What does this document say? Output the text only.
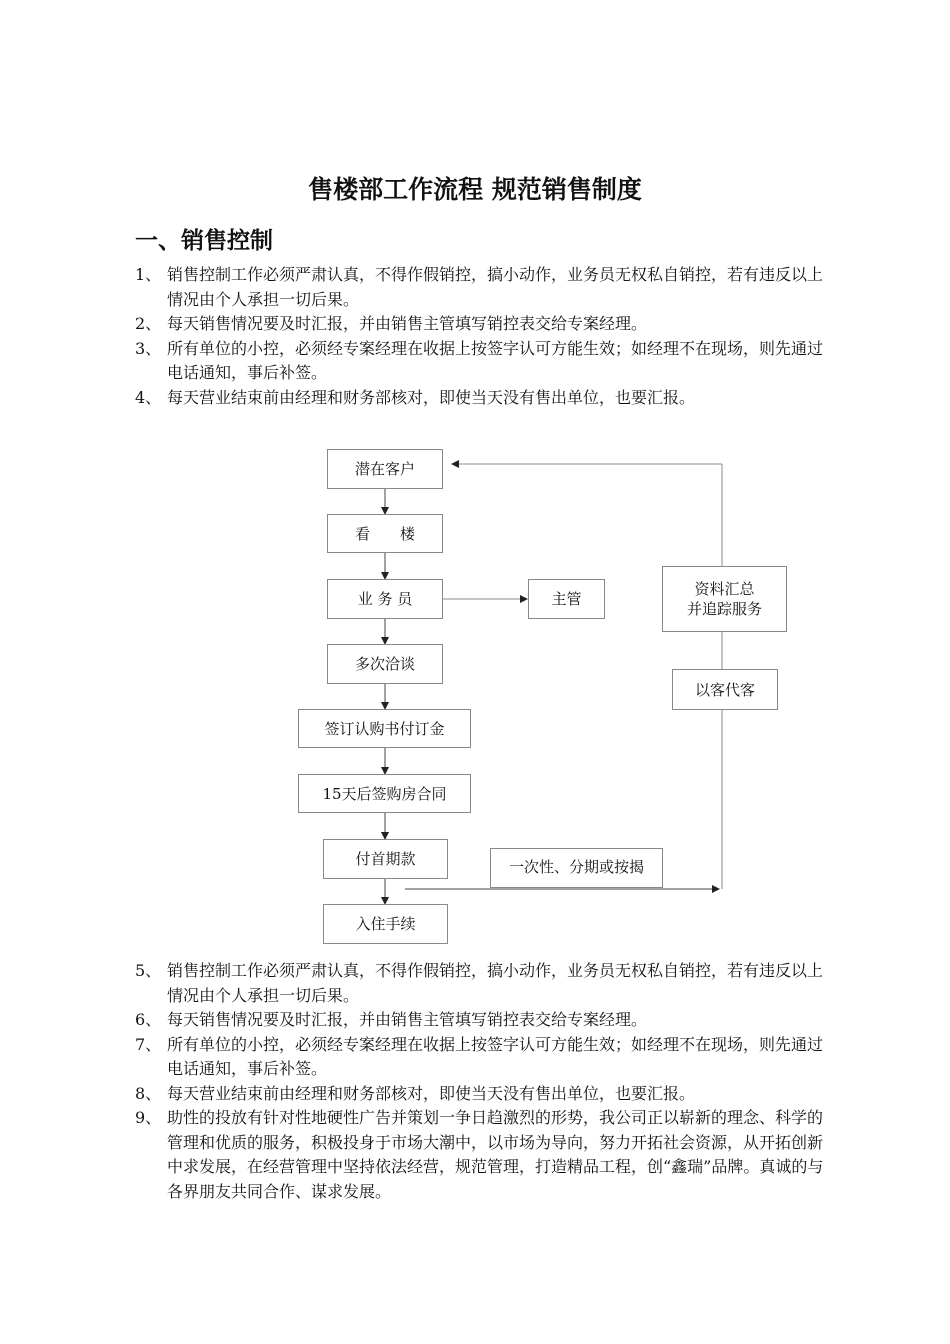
售楼部工作流程 规范销售制度
一、销售控制
1、 销售控制工作必须严肃认真，不得作假销控，搞小动作，业务员无权私自销控，若有违反以上情况由个人承担一切后果。
2、 每天销售情况要及时汇报，并由销售主管填写销控表交给专案经理。
3、 所有单位的小控，必须经专案经理在收据上按签字认可方能生效；如经理不在现场，则先通过电话通知，事后补签。
4、 每天营业结束前由经理和财务部核对，即使当天没有售出单位，也要汇报。
潜在客户
看　　楼
业 务 员	主管
多次洽谈
签订认购书付订金
15天后签购房合同
付首期款
入住手续
一次性、分期或按揭
资料汇总
并追踪服务
以客代客
5、 销售控制工作必须严肃认真，不得作假销控，搞小动作，业务员无权私自销控，若有违反以上情况由个人承担一切后果。
6、 每天销售情况要及时汇报，并由销售主管填写销控表交给专案经理。
7、 所有单位的小控，必须经专案经理在收据上按签字认可方能生效；如经理不在现场，则先通过电话通知，事后补签。
8、 每天营业结束前由经理和财务部核对，即使当天没有售出单位，也要汇报。
9、 助性的投放有针对性地硬性广告并策划一争日趋激烈的形势，我公司正以崭新的理念、科学的管理和优质的服务，积极投身于市场大潮中，以市场为导向，努力开拓社会资源，从开拓创新中求发展，在经营管理中坚持依法经营，规范管理，打造精品工程，创“鑫瑞”品牌。真诚的与各界朋友共同合作、谋求发展。
